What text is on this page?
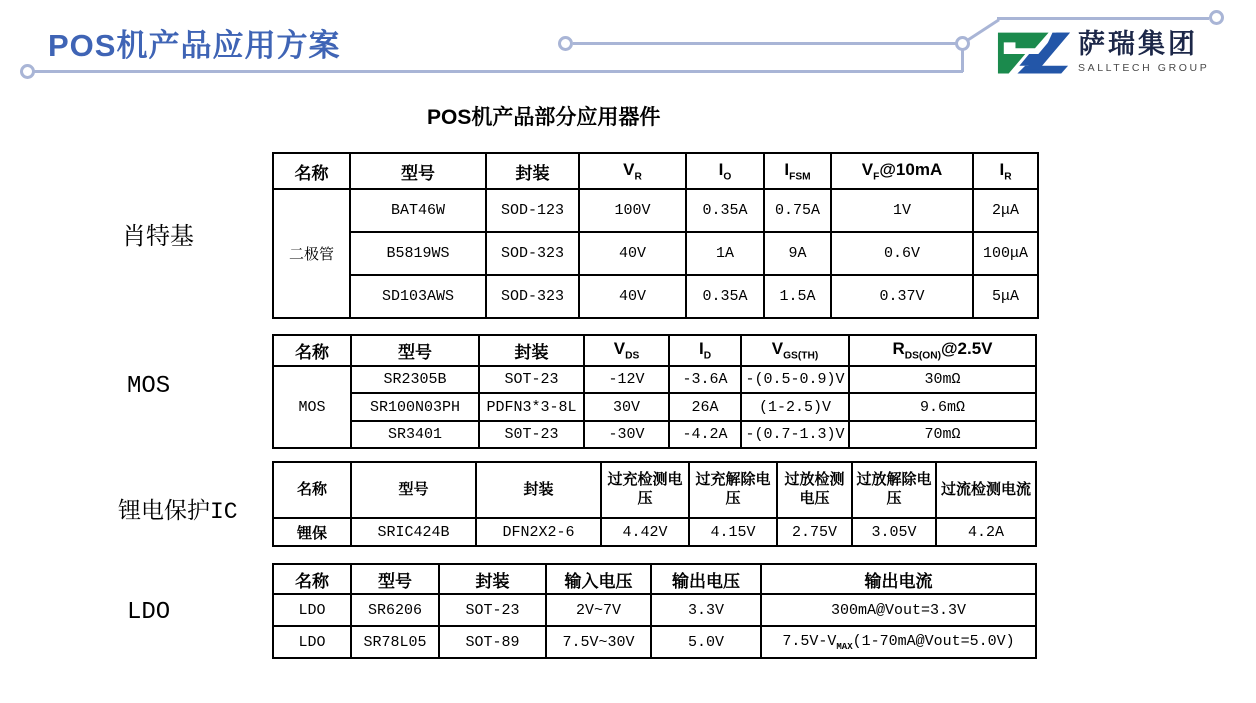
POS机产品应用方案	萨瑞集团
SALLTECH GROUP
POS机产品部分应用器件
肖特基
MOS
锂电保护IC
LDO
名称	型号	封装	$V_R$	$I_O$	$I_{FSM}$	$V_F@10mA$	$I_R$
二极管	BAT46W	SOD-123	100V	0.35A	0.75A	1V	2μA
	B5819WS	SOD-323	40V	1A	9A	0.6V	100μA
	SD103AWS	SOD-323	40V	0.35A	1.5A	0.37V	5μA
名称	型号	封装	$V_{DS}$	$I_D$	$V_{GS(TH)}$	$R_{DS(ON)}@2.5V$
MOS	SR2305B	SOT-23	-12V	-3.6A	-(0.5-0.9)V	30mΩ
	SR100N03PH	PDFN3*3-8L	30V	26A	(1-2.5)V	9.6mΩ
	SR3401	S0T-23	-30V	-4.2A	-(0.7-1.3)V	70mΩ
名称	型号	封装	过充检测电压	过充解除电压	过放检测电压	过放解除电压	过流检测电流
锂保	SRIC424B	DFN2X2-6	4.42V	4.15V	2.75V	3.05V	4.2A
名称	型号	封装	输入电压	输出电压	输出电流
LDO	SR6206	SOT-23	2V~7V	3.3V	300mA@Vout=3.3V
LDO	SR78L05	SOT-89	7.5V~30V	5.0V	$7.5V-V_{MAX}(1-70mA@Vout=5.0V)$
